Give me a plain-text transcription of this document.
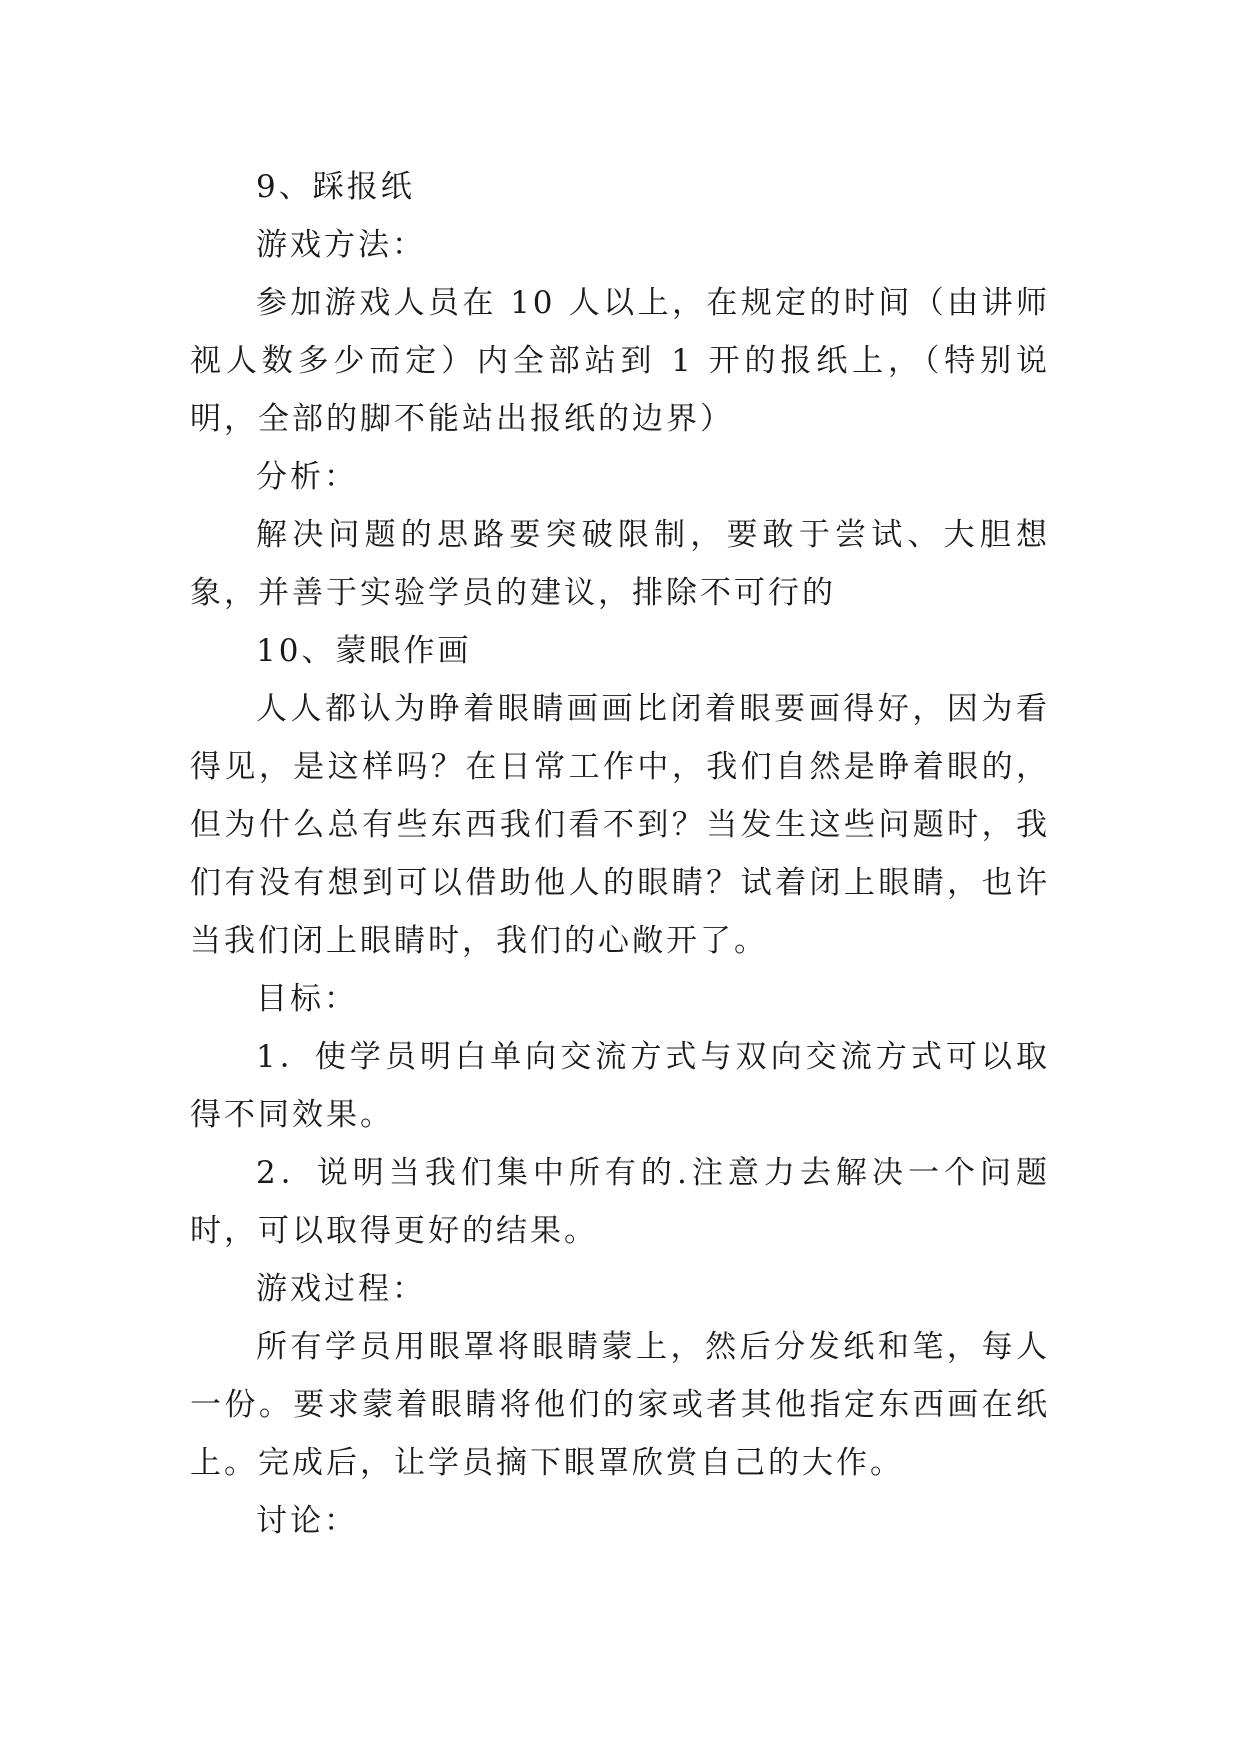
9、踩报纸

游戏方法：

参加游戏人员在 10 人以上，在规定的时间（由讲师视人数多少而定）内全部站到 1 开的报纸上，（特别说明，全部的脚不能站出报纸的边界）

分析：

解决问题的思路要突破限制，要敢于尝试、大胆想象，并善于实验学员的建议，排除不可行的

10、蒙眼作画

人人都认为睁着眼睛画画比闭着眼要画得好，因为看得见，是这样吗？在日常工作中，我们自然是睁着眼的，但为什么总有些东西我们看不到？当发生这些问题时，我们有没有想到可以借助他人的眼睛？试着闭上眼睛，也许当我们闭上眼睛时，我们的心敞开了。

目标：

1．使学员明白单向交流方式与双向交流方式可以取得不同效果。

2．说明当我们集中所有的.注意力去解决一个问题时，可以取得更好的结果。

游戏过程：

所有学员用眼罩将眼睛蒙上，然后分发纸和笔，每人一份。要求蒙着眼睛将他们的家或者其他指定东西画在纸上。完成后，让学员摘下眼罩欣赏自己的大作。

讨论：
